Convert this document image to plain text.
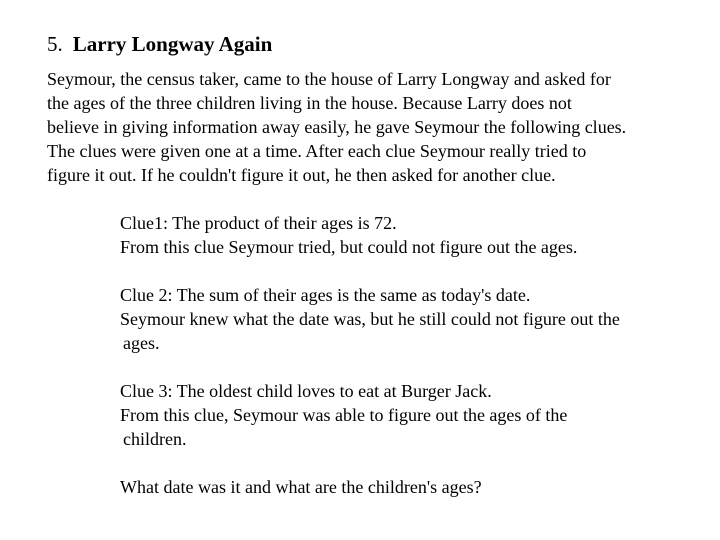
5. Larry Longway Again
Seymour, the census taker, came to the house of Larry Longway and asked for
the ages of the three children living in the house. Because Larry does not
believe in giving information away easily, he gave Seymour the following clues.
The clues were given one at a time. After each clue Seymour really tried to
figure it out. If he couldn't figure it out, he then asked for another clue.
Clue1: The product of their ages is 72.
From this clue Seymour tried, but could not figure out the ages.
Clue 2: The sum of their ages is the same as today's date.
Seymour knew what the date was, but he still could not figure out the
ages.
Clue 3: The oldest child loves to eat at Burger Jack.
From this clue, Seymour was able to figure out the ages of the
children.
What date was it and what are the children's ages?
